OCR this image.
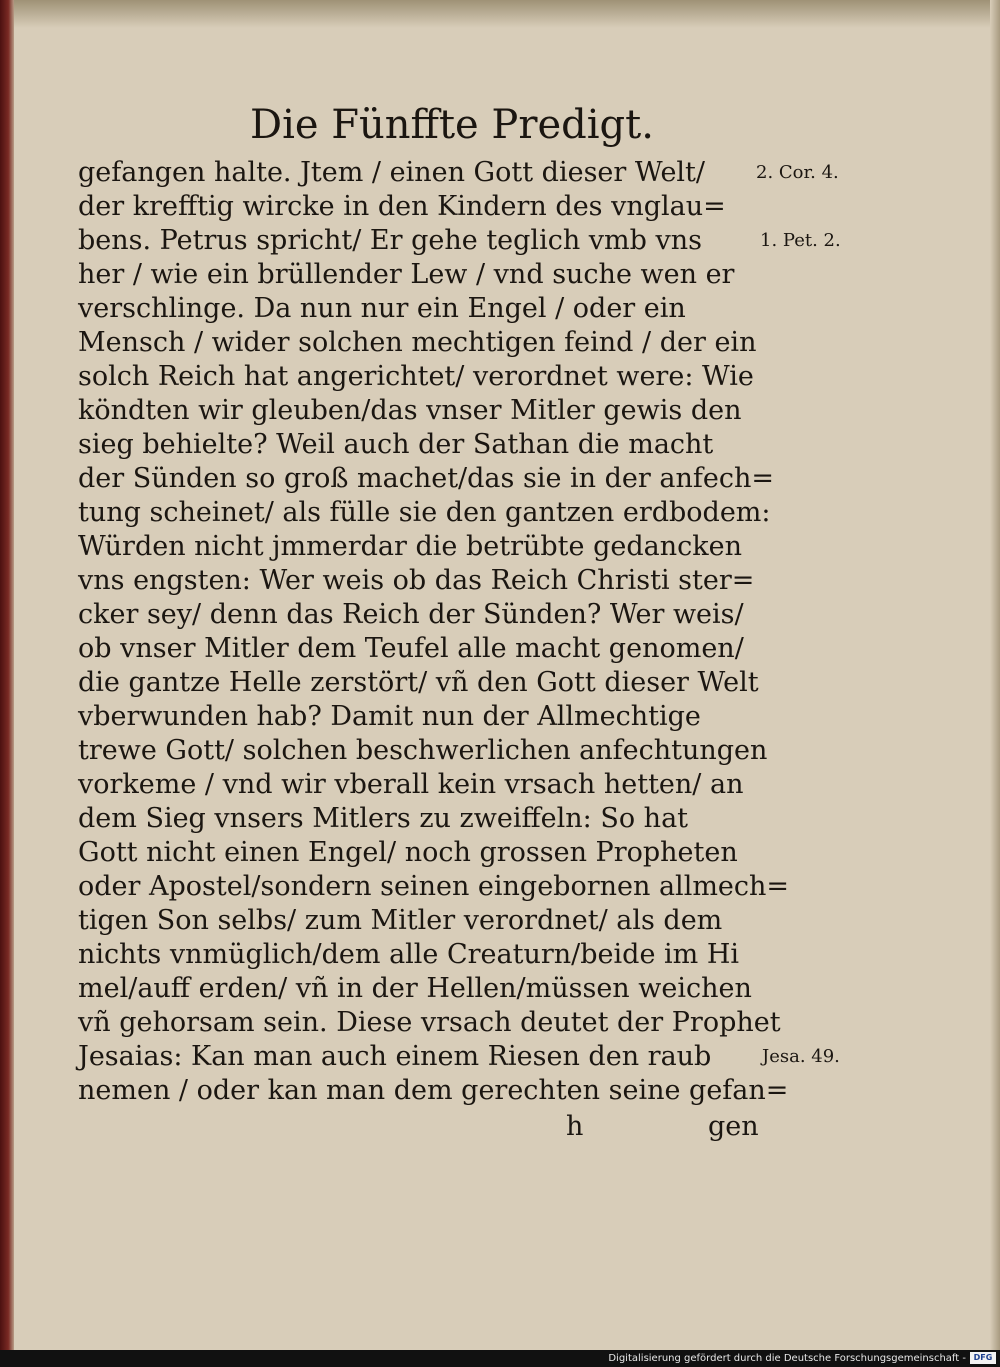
Die Fünffte Predigt.
gefangen halte. Jtem / einen Gott dieser Welt/
der krefftig wircke in den Kindern des vnglau=
bens. Petrus spricht/ Er gehe teglich vmb vns
her / wie ein brüllender Lew / vnd suche wen er
verschlinge. Da nun nur ein Engel / oder ein
Mensch / wider solchen mechtigen feind / der ein
solch Reich hat angerichtet/ verordnet were: Wie
köndten wir gleuben/das vnser Mitler gewis den
sieg behielte? Weil auch der Sathan die macht
der Sünden so groß machet/das sie in der anfech=
tung scheinet/ als fülle sie den gantzen erdbodem:
Würden nicht jmmerdar die betrübte gedancken
vns engsten: Wer weis ob das Reich Christi ster=
cker sey/ denn das Reich der Sünden? Wer weis/
ob vnser Mitler dem Teufel alle macht genomen/
die gantze Helle zerstört/ vñ den Gott dieser Welt
vberwunden hab? Damit nun der Allmechtige
trewe Gott/ solchen beschwerlichen anfechtungen
vorkeme / vnd wir vberall kein vrsach hetten/ an
dem Sieg vnsers Mitlers zu zweiffeln: So hat
Gott nicht einen Engel/ noch grossen Propheten
oder Apostel/sondern seinen eingebornen allmech=
tigen Son selbs/ zum Mitler verordnet/ als dem
nichts vnmüglich/dem alle Creaturn/beide im Hi
mel/auff erden/ vñ in der Hellen/müssen weichen
vñ gehorsam sein. Diese vrsach deutet der Prophet
Jesaias: Kan man auch einem Riesen den raub
nemen / oder kan man dem gerechten seine gefan=
2. Cor. 4.
1. Pet. 2.
Jesa. 49.
h	gen
Digitalisierung gefördert durch die Deutsche Forschungsgemeinschaft - DFG
